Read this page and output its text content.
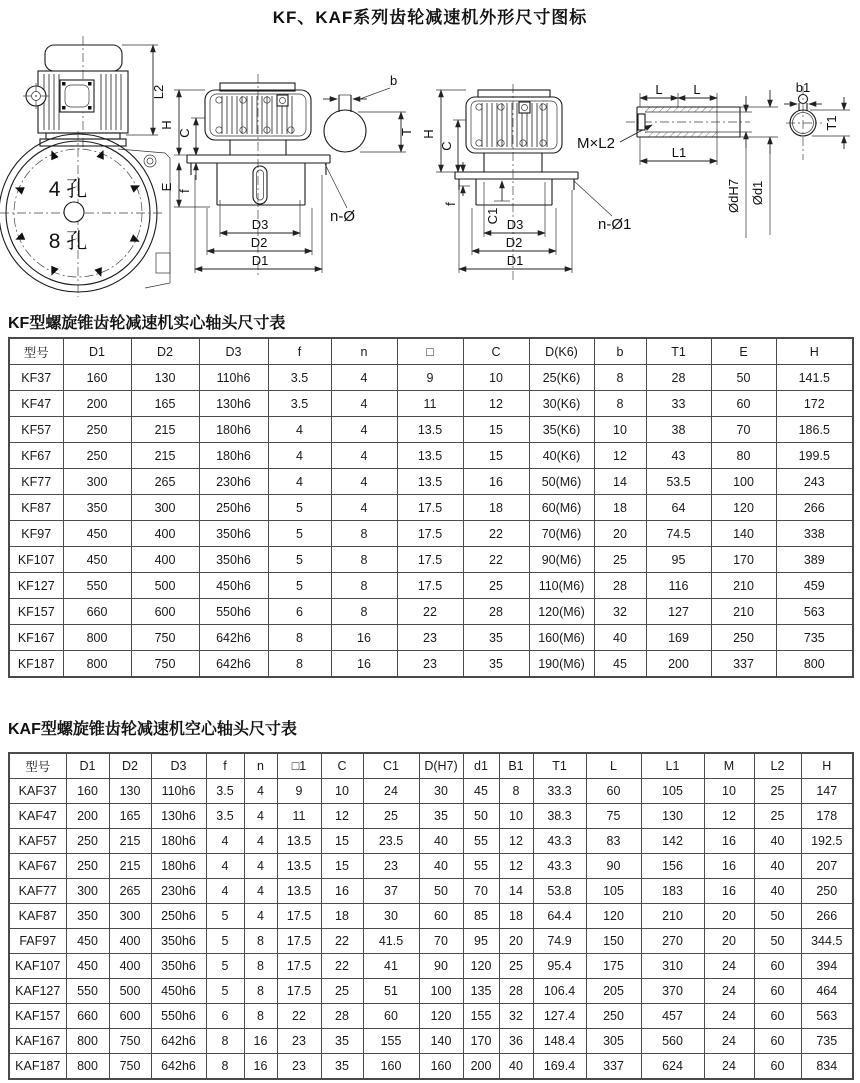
KF、KAF系列齿轮减速机外形尺寸图标
L2
4 孔
8 孔
H
C
E f
D3
D2
D1
n-Ø
b
T H
C
f
C1
D3
D2
D1
n-Ø1
M×L2
L L
L1
ØdH7 Ød1
b1
T1
KF型螺旋锥齿轮减速机实心轴头尺寸表
型号	D1	D2	D3	f	n	□	C	D(K6)	b	T1	E	H
KF37	160	130	110h6	3.5	4	9	10	25(K6)	8	28	50	141.5
KF47	200	165	130h6	3.5	4	11	12	30(K6)	8	33	60	172
KF57	250	215	180h6	4	4	13.5	15	35(K6)	10	38	70	186.5
KF67	250	215	180h6	4	4	13.5	15	40(K6)	12	43	80	199.5
KF77	300	265	230h6	4	4	13.5	16	50(M6)	14	53.5	100	243
KF87	350	300	250h6	5	4	17.5	18	60(M6)	18	64	120	266
KF97	450	400	350h6	5	8	17.5	22	70(M6)	20	74.5	140	338
KF107	450	400	350h6	5	8	17.5	22	90(M6)	25	95	170	389
KF127	550	500	450h6	5	8	17.5	25	110(M6)	28	116	210	459
KF157	660	600	550h6	6	8	22	28	120(M6)	32	127	210	563
KF167	800	750	642h6	8	16	23	35	160(M6)	40	169	250	735
KF187	800	750	642h6	8	16	23	35	190(M6)	45	200	337	800
KAF型螺旋锥齿轮减速机空心轴头尺寸表
型号	D1	D2	D3	f	n	□1	C	C1	D(H7)	d1	B1	T1	L	L1	M	L2	H
KAF37	160	130	110h6	3.5	4	9	10	24	30	45	8	33.3	60	105	10	25	147
KAF47	200	165	130h6	3.5	4	11	12	25	35	50	10	38.3	75	130	12	25	178
KAF57	250	215	180h6	4	4	13.5	15	23.5	40	55	12	43.3	83	142	16	40	192.5
KAF67	250	215	180h6	4	4	13.5	15	23	40	55	12	43.3	90	156	16	40	207
KAF77	300	265	230h6	4	4	13.5	16	37	50	70	14	53.8	105	183	16	40	250
KAF87	350	300	250h6	5	4	17.5	18	30	60	85	18	64.4	120	210	20	50	266
FAF97	450	400	350h6	5	8	17.5	22	41.5	70	95	20	74.9	150	270	20	50	344.5
KAF107	450	400	350h6	5	8	17.5	22	41	90	120	25	95.4	175	310	24	60	394
KAF127	550	500	450h6	5	8	17.5	25	51	100	135	28	106.4	205	370	24	60	464
KAF157	660	600	550h6	6	8	22	28	60	120	155	32	127.4	250	457	24	60	563
KAF167	800	750	642h6	8	16	23	35	155	140	170	36	148.4	305	560	24	60	735
KAF187	800	750	642h6	8	16	23	35	160	160	200	40	169.4	337	624	24	60	834
